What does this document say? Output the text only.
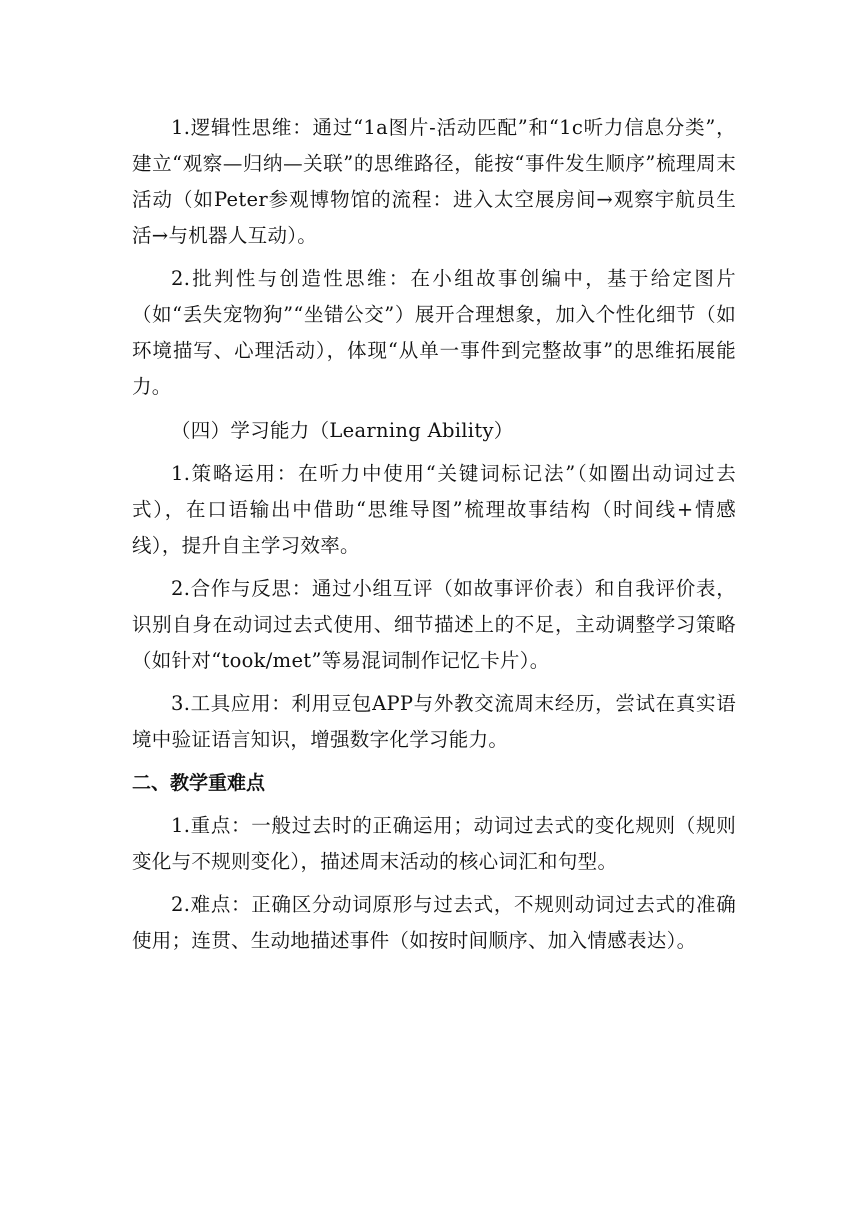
1.逻辑性思维：通过“1a图片-活动匹配”和“1c听力信息分类”，建立“观察—归纳—关联”的思维路径，能按“事件发生顺序”梳理周末活动（如Peter参观博物馆的流程：进入太空展房间→观察宇航员生活→与机器人互动）。

2.批判性与创造性思维：在小组故事创编中，基于给定图片（如“丢失宠物狗”“坐错公交”）展开合理想象，加入个性化细节（如环境描写、心理活动），体现“从单一事件到完整故事”的思维拓展能力。

（四）学习能力（Learning Ability）

1.策略运用：在听力中使用“关键词标记法”（如圈出动词过去式），在口语输出中借助“思维导图”梳理故事结构（时间线+情感线），提升自主学习效率。

2.合作与反思：通过小组互评（如故事评价表）和自我评价表，识别自身在动词过去式使用、细节描述上的不足，主动调整学习策略（如针对“took/met”等易混词制作记忆卡片）。

3.工具应用：利用豆包APP与外教交流周末经历，尝试在真实语境中验证语言知识，增强数字化学习能力。

二、教学重难点

1.重点：一般过去时的正确运用；动词过去式的变化规则（规则变化与不规则变化），描述周末活动的核心词汇和句型。

2.难点：正确区分动词原形与过去式，不规则动词过去式的准确使用；连贯、生动地描述事件（如按时间顺序、加入情感表达）。
